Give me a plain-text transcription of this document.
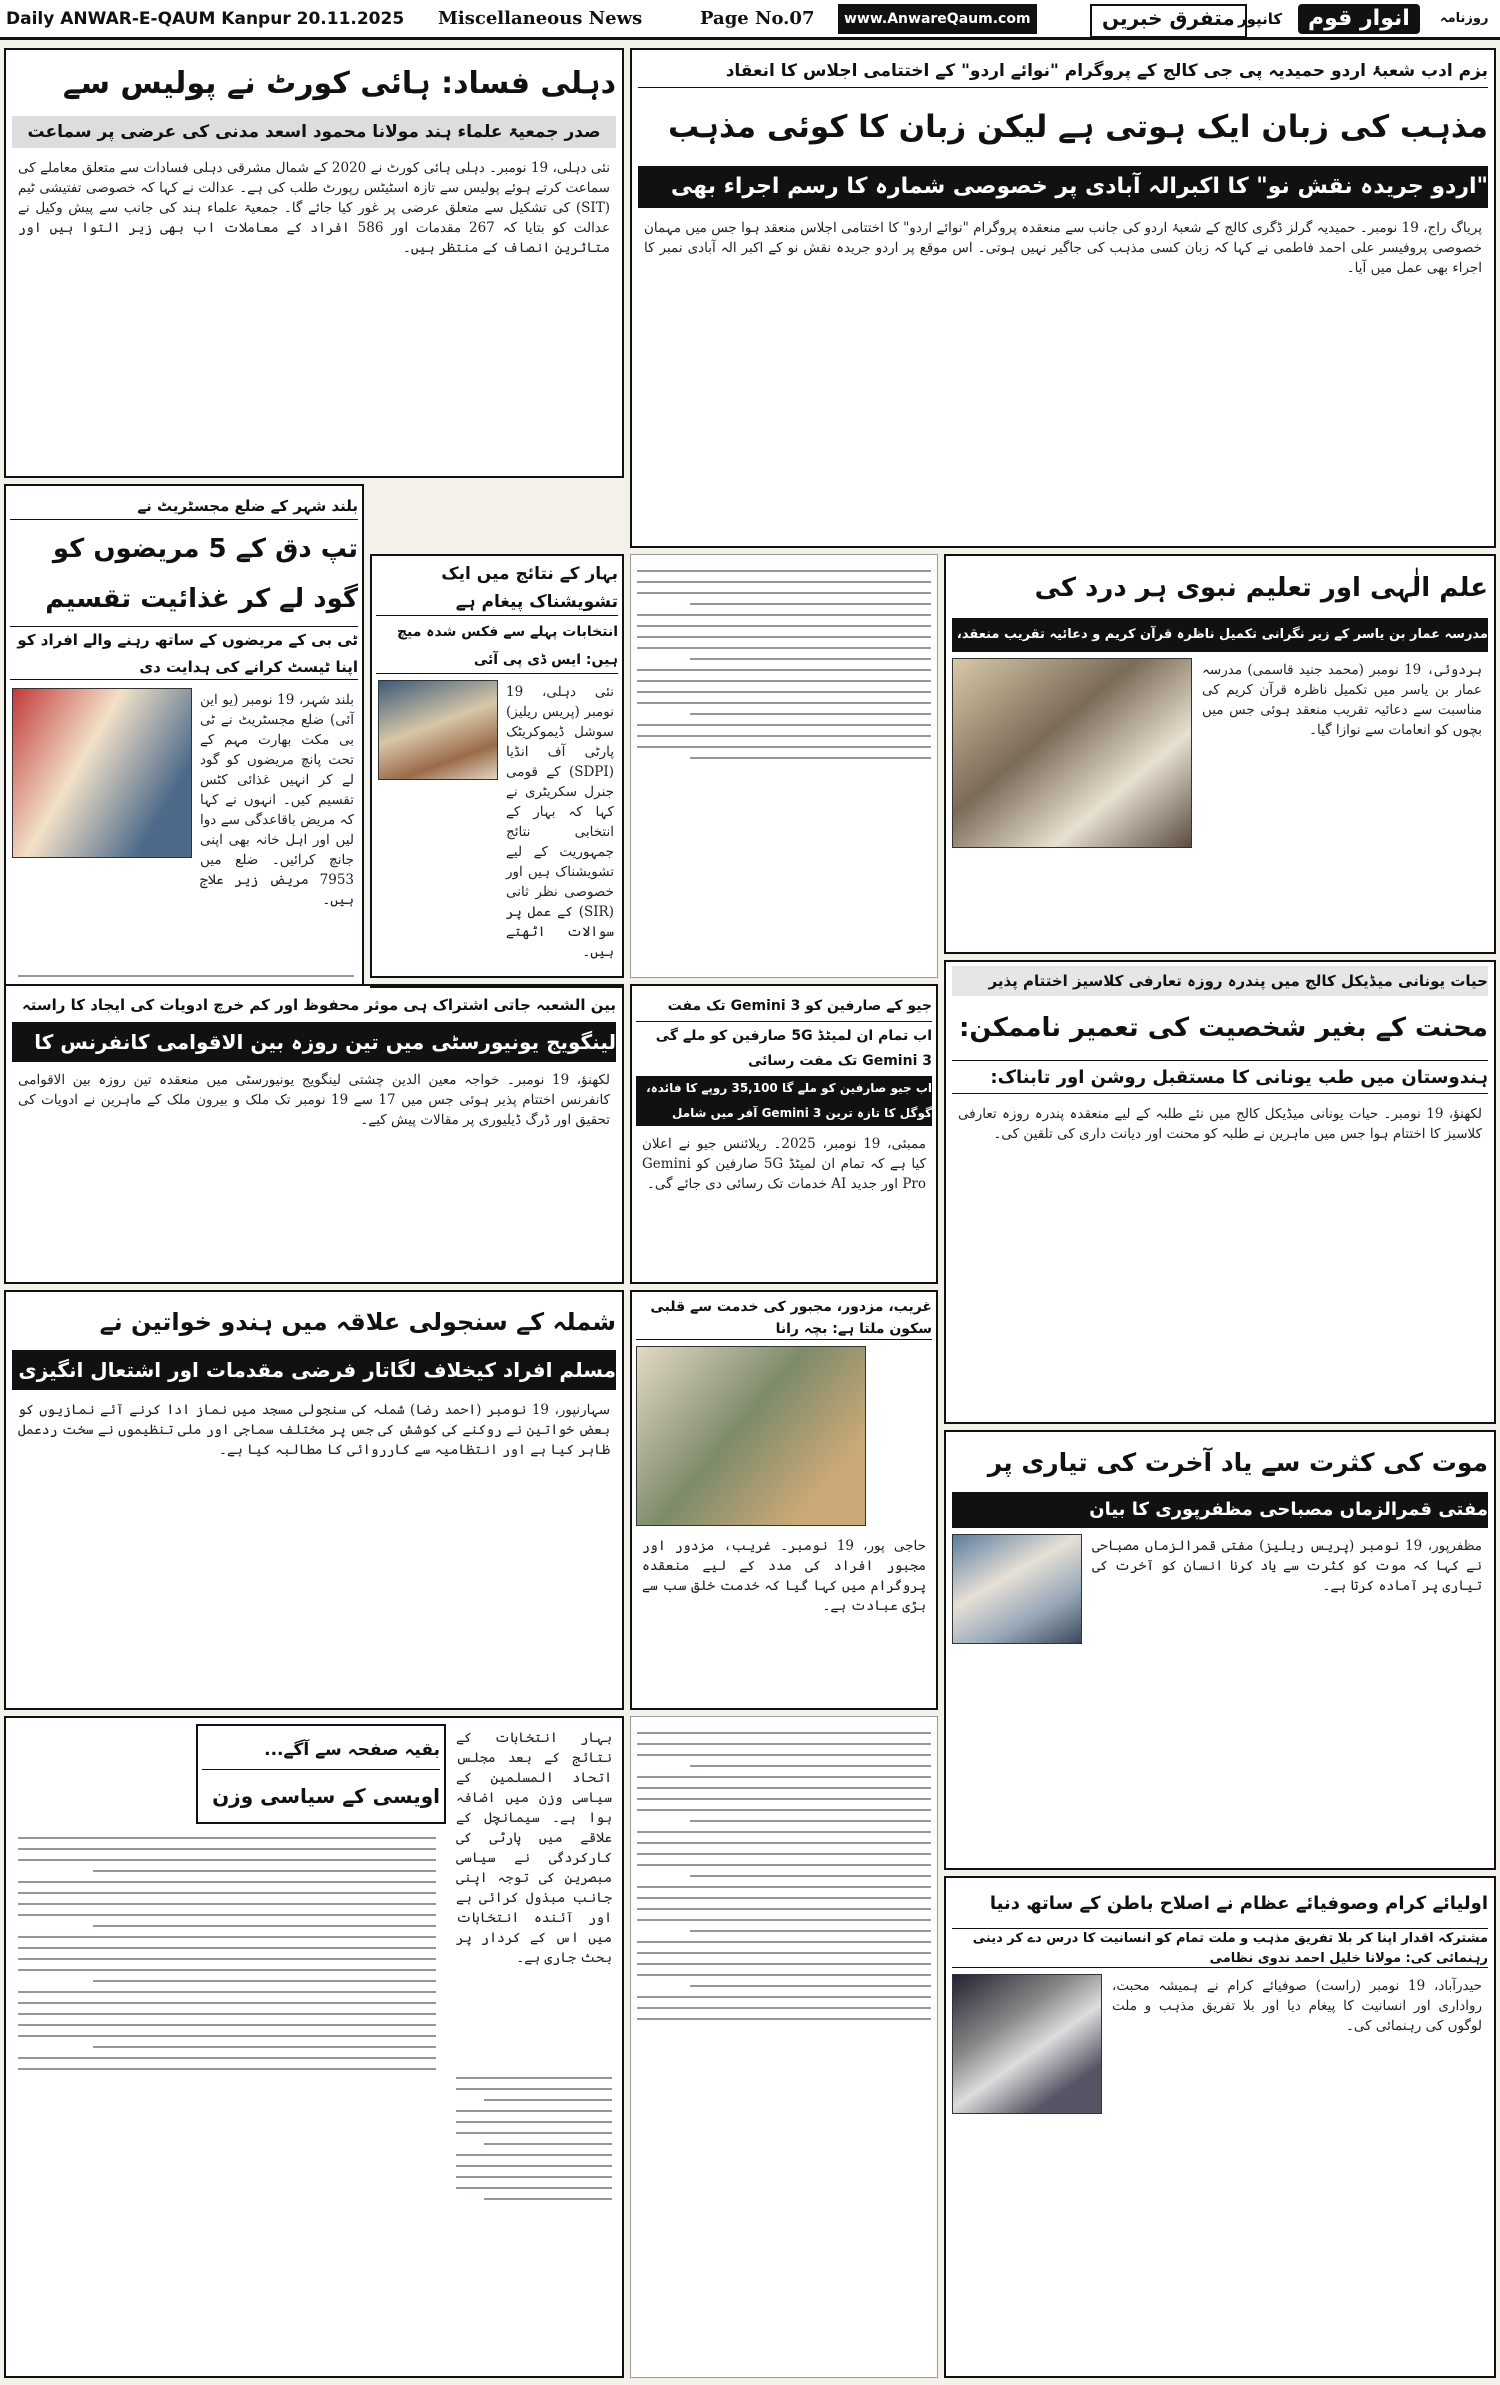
Daily ANWAR-E-QAUM Kanpur 20.11.2025 Miscellaneous News	Page No.07	www.AnwareQaum.com	متفرق خبریں کانپور	انوار قوم	روزنامہ
دہلی فساد: ہائی کورٹ نے پولیس سے
صدر جمعیۃ علماء ہند مولانا محمود اسعد مدنی کی عرضی پر سماعت
نئی دہلی، 19 نومبر۔ دہلی ہائی کورٹ نے 2020 کے شمال مشرقی دہلی فسادات سے متعلق معاملے کی سماعت کرتے ہوئے پولیس سے تازہ اسٹیٹس رپورٹ طلب کی ہے۔ عدالت نے کہا کہ خصوصی تفتیشی ٹیم (SIT) کی تشکیل سے متعلق عرضی پر غور کیا جائے گا۔ جمعیۃ علماء ہند کی جانب سے پیش وکیل نے عدالت کو بتایا کہ 267 مقدمات اور 586 افراد کے معاملات اب بھی زیر التوا ہیں اور متاثرین انصاف کے منتظر ہیں۔
بلند شہر کے ضلع مجسٹریٹ نے
تپ دق کے 5 مریضوں کو گود لے کر غذائیت تقسیم
ٹی بی کے مریضوں کے ساتھ رہنے والے افراد کو اپنا ٹیسٹ کرانے کی ہدایت دی
بلند شہر، 19 نومبر (یو این آئی) ضلع مجسٹریٹ نے ٹی بی مکت بھارت مہم کے تحت پانچ مریضوں کو گود لے کر انہیں غذائی کٹس تقسیم کیں۔ انہوں نے کہا کہ مریض باقاعدگی سے دوا لیں اور اہل خانہ بھی اپنی جانچ کرائیں۔ ضلع میں 7953 مریض زیر علاج ہیں۔
بین الشعبہ جاتی اشتراک ہی موثر محفوظ اور کم خرچ ادویات کی ایجاد کا راستہ
لینگویج یونیورسٹی میں تین روزہ بین الاقوامی کانفرنس کا
لکھنؤ، 19 نومبر۔ خواجہ معین الدین چشتی لینگویج یونیورسٹی میں منعقدہ تین روزہ بین الاقوامی کانفرنس اختتام پذیر ہوئی جس میں 17 سے 19 نومبر تک ملک و بیرون ملک کے ماہرین نے ادویات کی تحقیق اور ڈرگ ڈیلیوری پر مقالات پیش کیے۔
شملہ کے سنجولی علاقہ میں ہندو خواتین نے
مسلم افراد کیخلاف لگاتار فرضی مقدمات اور اشتعال انگیزی
سہارنپور، 19 نومبر (احمد رضا) شملہ کی سنجولی مسجد میں نماز ادا کرنے آئے نمازیوں کو بعض خواتین نے روکنے کی کوشش کی جس پر مختلف سماجی اور ملی تنظیموں نے سخت ردعمل ظاہر کیا ہے اور انتظامیہ سے کارروائی کا مطالبہ کیا ہے۔
بقیہ صفحہ سے آگے...
اویسی کے سیاسی وزن
بہار انتخابات کے نتائج کے بعد مجلس اتحاد المسلمین کے سیاسی وزن میں اضافہ ہوا ہے۔ سیمانچل کے علاقے میں پارٹی کی کارکردگی نے سیاسی مبصرین کی توجہ اپنی جانب مبذول کرائی ہے اور آئندہ انتخابات میں اس کے کردار پر بحث جاری ہے۔
بزم ادب شعبۂ اردو حمیدیہ پی جی کالج کے پروگرام "نوائے اردو" کے اختتامی اجلاس کا انعقاد
مذہب کی زبان ایک ہوتی ہے لیکن زبان کا کوئی مذہب
"اردو جریدہ نقش نو" کا اکبرالہ آبادی پر خصوصی شمارہ کا رسم اجراء بھی
پریاگ راج، 19 نومبر۔ حمیدیہ گرلز ڈگری کالج کے شعبۂ اردو کی جانب سے منعقدہ پروگرام "نوائے اردو" کا اختتامی اجلاس منعقد ہوا جس میں مہمان خصوصی پروفیسر علی احمد فاطمی نے کہا کہ زبان کسی مذہب کی جاگیر نہیں ہوتی۔ اس موقع پر اردو جریدہ نقش نو کے اکبر الہ آبادی نمبر کا اجراء بھی عمل میں آیا۔
بہار کے نتائج میں ایک تشویشناک پیغام ہے
انتخابات پہلے سے فکس شدہ میچ ہیں: ایس ڈی پی آئی
نئی دہلی، 19 نومبر (پریس ریلیز) سوشل ڈیموکریٹک پارٹی آف انڈیا (SDPI) کے قومی جنرل سکریٹری نے کہا کہ بہار کے انتخابی نتائج جمہوریت کے لیے تشویشناک ہیں اور خصوصی نظر ثانی (SIR) کے عمل پر سوالات اٹھتے ہیں۔
علم الٰہی اور تعلیم نبوی ہر درد کی
مدرسہ عمار بن یاسر کے زیر نگرانی تکمیل ناظرہ قرآن کریم و دعائیہ تقریب منعقد،
ہردوئی، 19 نومبر (محمد جنید قاسمی) مدرسہ عمار بن یاسر میں تکمیل ناظرہ قرآن کریم کی مناسبت سے دعائیہ تقریب منعقد ہوئی جس میں بچوں کو انعامات سے نوازا گیا۔
جیو کے صارفین کو Gemini 3 تک مفت
اب تمام ان لمیٹڈ 5G صارفین کو ملے گی Gemini 3 تک مفت رسائی
اب جیو صارفین کو ملے گا 35,100 روپے کا فائدہ، گوگل کا تازہ ترین Gemini 3 آفر میں شامل
ممبئی، 19 نومبر، 2025۔ ریلائنس جیو نے اعلان کیا ہے کہ تمام ان لمیٹڈ 5G صارفین کو Gemini Pro اور جدید AI خدمات تک رسائی دی جائے گی۔
غریب، مزدور، مجبور کی خدمت سے قلبی سکون ملتا ہے: بچہ رانا
حاجی پور، 19 نومبر۔ غریب، مزدور اور مجبور افراد کی مدد کے لیے منعقدہ پروگرام میں کہا گیا کہ خدمت خلق سب سے بڑی عبادت ہے۔
حیات یونانی میڈیکل کالج میں پندرہ روزہ تعارفی کلاسیز اختتام پذیر
محنت کے بغیر شخصیت کی تعمیر ناممکن:
ہندوستان میں طب یونانی کا مستقبل روشن اور تابناک:
لکھنؤ، 19 نومبر۔ حیات یونانی میڈیکل کالج میں نئے طلبہ کے لیے منعقدہ پندرہ روزہ تعارفی کلاسیز کا اختتام ہوا جس میں ماہرین نے طلبہ کو محنت اور دیانت داری کی تلقین کی۔
موت کی کثرت سے یاد آخرت کی تیاری پر
مفتی قمرالزماں مصباحی مظفرپوری کا بیان
مظفرپور، 19 نومبر (پریس ریلیز) مفتی قمرالزماں مصباحی نے کہا کہ موت کو کثرت سے یاد کرنا انسان کو آخرت کی تیاری پر آمادہ کرتا ہے۔
اولیائے کرام وصوفیائے عظام نے اصلاح باطن کے ساتھ دنیا
مشترکہ اقدار اپنا کر بلا تفریق مذہب و ملت تمام کو انسانیت کا درس دے کر دینی رہنمائی کی: مولانا خلیل احمد ندوی نظامی
حیدرآباد، 19 نومبر (راست) صوفیائے کرام نے ہمیشہ محبت، رواداری اور انسانیت کا پیغام دیا اور بلا تفریق مذہب و ملت لوگوں کی رہنمائی کی۔
